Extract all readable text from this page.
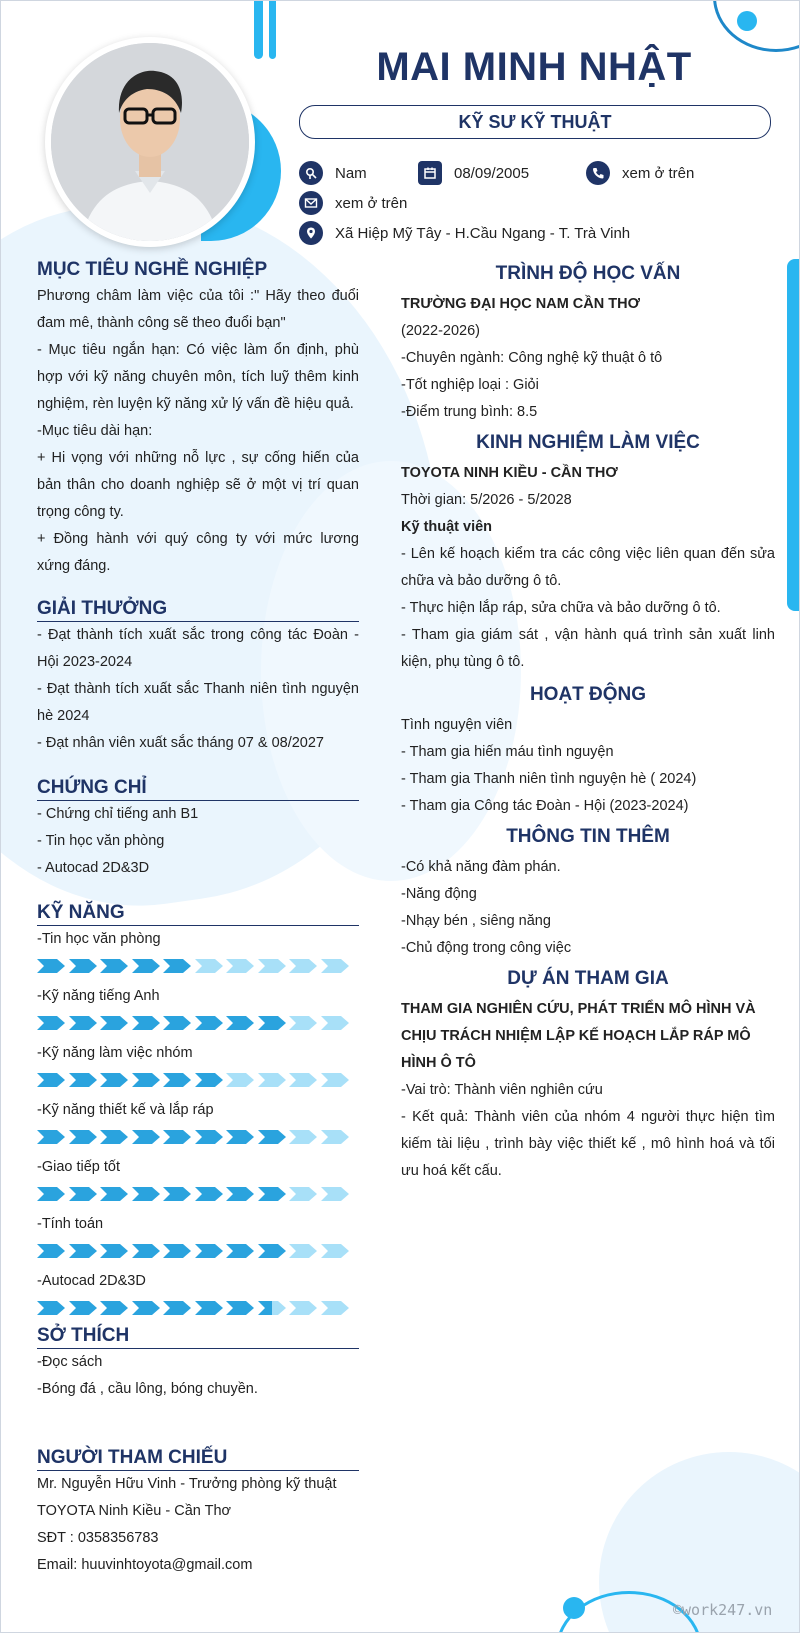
MAI MINH NHẬT
KỸ SƯ KỸ THUẬT
Nam	08/09/2005	xem ở trên
xem ở trên
Xã Hiệp Mỹ Tây - H.Cầu Ngang - T. Trà Vinh
MỤC TIÊU NGHỀ NGHIỆP

Phương châm làm việc của tôi :" Hãy theo đuổi đam mê, thành công sẽ theo đuổi bạn"

- Mục tiêu ngắn hạn: Có việc làm ổn định, phù hợp với kỹ năng chuyên môn, tích luỹ thêm kinh nghiệm, rèn luyện kỹ năng xử lý vấn đề hiệu quả.

-Mục tiêu dài hạn:

+ Hi vọng với những nỗ lực , sự cống hiến của bản thân cho doanh nghiệp sẽ ở một vị trí quan trọng công ty.

+ Đồng hành với quý công ty với mức lương xứng đáng.

GIẢI THƯỞNG

- Đạt thành tích xuất sắc trong công tác Đoàn - Hội 2023-2024

- Đạt thành tích xuất sắc Thanh niên tình nguyện hè 2024

- Đạt nhân viên xuất sắc tháng 07 & 08/2027

CHỨNG CHỈ

- Chứng chỉ tiếng anh B1

- Tin học văn phòng

- Autocad 2D&3D

KỸ NĂNG
-Tin học văn phòng
-Kỹ năng tiếng Anh
-Kỹ năng làm việc nhóm
-Kỹ năng thiết kế và lắp ráp
-Giao tiếp tốt
-Tính toán
-Autocad 2D&3D
SỞ THÍCH

-Đọc sách

-Bóng đá , cầu lông, bóng chuyền.

NGƯỜI THAM CHIẾU

Mr. Nguyễn Hữu Vinh - Trưởng phòng kỹ thuật

TOYOTA Ninh Kiều - Cần Thơ

SĐT : 0358356783

Email: huuvinhtoyota@gmail.com

TRÌNH ĐỘ HỌC VẤN

TRƯỜNG ĐẠI HỌC NAM CẦN THƠ

(2022-2026)

-Chuyên ngành: Công nghệ kỹ thuật ô tô

-Tốt nghiệp loại : Giỏi

-Điểm trung bình: 8.5

KINH NGHIỆM LÀM VIỆC

TOYOTA NINH KIỀU - CẦN THƠ

Thời gian: 5/2026 - 5/2028

Kỹ thuật viên

- Lên kế hoạch kiểm tra các công việc liên quan đến sửa chữa và bảo dưỡng ô tô.

- Thực hiện lắp ráp, sửa chữa và bảo dưỡng ô tô.

- Tham gia giám sát , vận hành quá trình sản xuất linh kiện, phụ tùng ô tô.

HOẠT ĐỘNG

Tình nguyện viên

- Tham gia hiến máu tình nguyện

- Tham gia Thanh niên tình nguyện hè ( 2024)

- Tham gia Công tác Đoàn - Hội (2023-2024)

THÔNG TIN THÊM

-Có khả năng đàm phán.

-Năng động

-Nhạy bén , siêng năng

-Chủ động trong công việc

DỰ ÁN THAM GIA

THAM GIA NGHIÊN CỨU, PHÁT TRIỂN MÔ HÌNH VÀ CHỊU TRÁCH NHIỆM LẬP KẾ HOẠCH LẮP RÁP MÔ HÌNH Ô TÔ

-Vai trò: Thành viên nghiên cứu

- Kết quả: Thành viên của nhóm 4 người thực hiện tìm kiếm tài liệu , trình bày việc thiết kế , mô hình hoá và tối ưu hoá kết cấu.

©work247.vn
